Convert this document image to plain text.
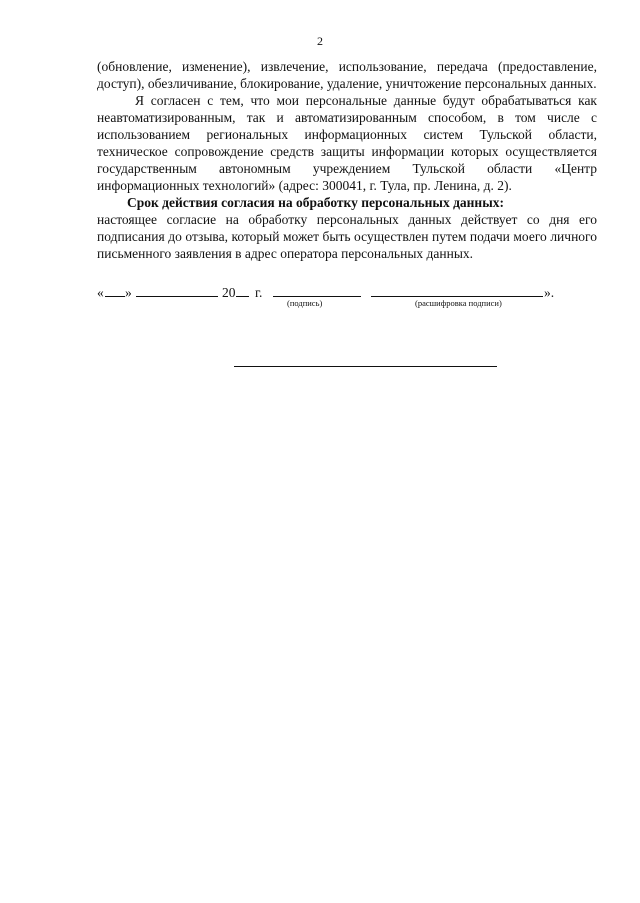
2

(обновление, изменение), извлечение, использование, передача (предоставление, доступ), обезличивание, блокирование, удаление, уничтожение персональных данных.

Я согласен с тем, что мои персональные данные будут обрабатываться как неавтоматизированным, так и автоматизированным способом, в том числе с использованием региональных информационных систем Тульской области, техническое сопровождение средств защиты информации которых осуществляется государственным автономным учреждением Тульской области «Центр информационных технологий» (адрес: 300041, г. Тула, пр. Ленина, д. 2).

Срок действия согласия на обработку персональных данных:

настоящее согласие на обработку персональных данных действует со дня его подписания до отзыва, который может быть осуществлен путем подачи моего личного письменного заявления в адрес оператора персональных данных.

« »	20 г.
(подпись)	(расшифровка подписи)
».
